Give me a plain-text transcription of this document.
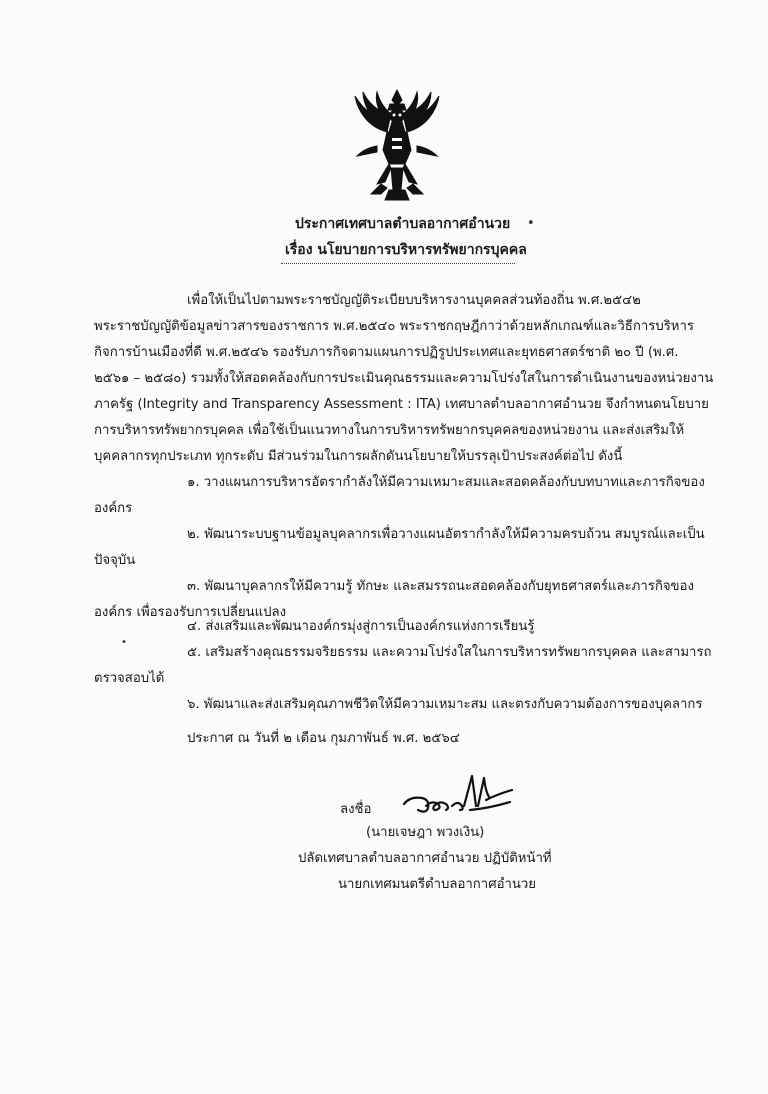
ประกาศเทศบาลตำบลอากาศอำนวย	•
เรื่อง นโยบายการบริหารทรัพยากรบุคคล
เพื่อให้เป็นไปตามพระราชบัญญัติระเบียบบริหารงานบุคคลส่วนท้องถิ่น พ.ศ.๒๕๔๒
พระราชบัญญัติข้อมูลข่าวสารของราชการ พ.ศ.๒๕๔๐ พระราชกฤษฎีกาว่าด้วยหลักเกณฑ์และวิธีการบริหาร
กิจการบ้านเมืองที่ดี พ.ศ.๒๕๔๖ รองรับภารกิจตามแผนการปฏิรูปประเทศและยุทธศาสตร์ชาติ ๒๐ ปี (พ.ศ.
๒๕๖๑ – ๒๕๘๐) รวมทั้งให้สอดคล้องกับการประเมินคุณธรรมและความโปร่งใสในการดำเนินงานของหน่วยงาน
ภาครัฐ (Integrity and Transparency Assessment : ITA) เทศบาลตำบลอากาศอำนวย จึงกำหนดนโยบาย
การบริหารทรัพยากรบุคคล เพื่อใช้เป็นแนวทางในการบริหารทรัพยากรบุคคลของหน่วยงาน และส่งเสริมให้
บุคคลากรทุกประเภท ทุกระดับ มีส่วนร่วมในการผลักดันนโยบายให้บรรลุเป้าประสงค์ต่อไป ดังนี้
๑. วางแผนการบริหารอัตรากำลังให้มีความเหมาะสมและสอดคล้องกับบทบาทและภารกิจของ
องค์กร
๒. พัฒนาระบบฐานข้อมูลบุคลากรเพื่อวางแผนอัตรากำลังให้มีความครบถ้วน สมบูรณ์และเป็น
ปัจจุบัน
๓. พัฒนาบุคลากรให้มีความรู้ ทักษะ และสมรรถนะสอดคล้องกับยุทธศาสตร์และภารกิจของ
องค์กร เพื่อรองรับการเปลี่ยนแปลง
๔. ส่งเสริมและพัฒนาองค์กรมุ่งสู่การเป็นองค์กรแห่งการเรียนรู้
•
๕. เสริมสร้างคุณธรรมจริยธรรม และความโปร่งใสในการบริหารทรัพยากรบุคคล และสามารถ
ตรวจสอบได้
๖. พัฒนาและส่งเสริมคุณภาพชีวิตให้มีความเหมาะสม และตรงกับความต้องการของบุคลากร
ประกาศ ณ วันที่ ๒ เดือน กุมภาพันธ์ พ.ศ. ๒๕๖๔
ลงชื่อ
(นายเจษฎา พวงเงิน)
ปลัดเทศบาลตำบลอากาศอำนวย ปฏิบัติหน้าที่
นายกเทศมนตรีตำบลอากาศอำนวย
